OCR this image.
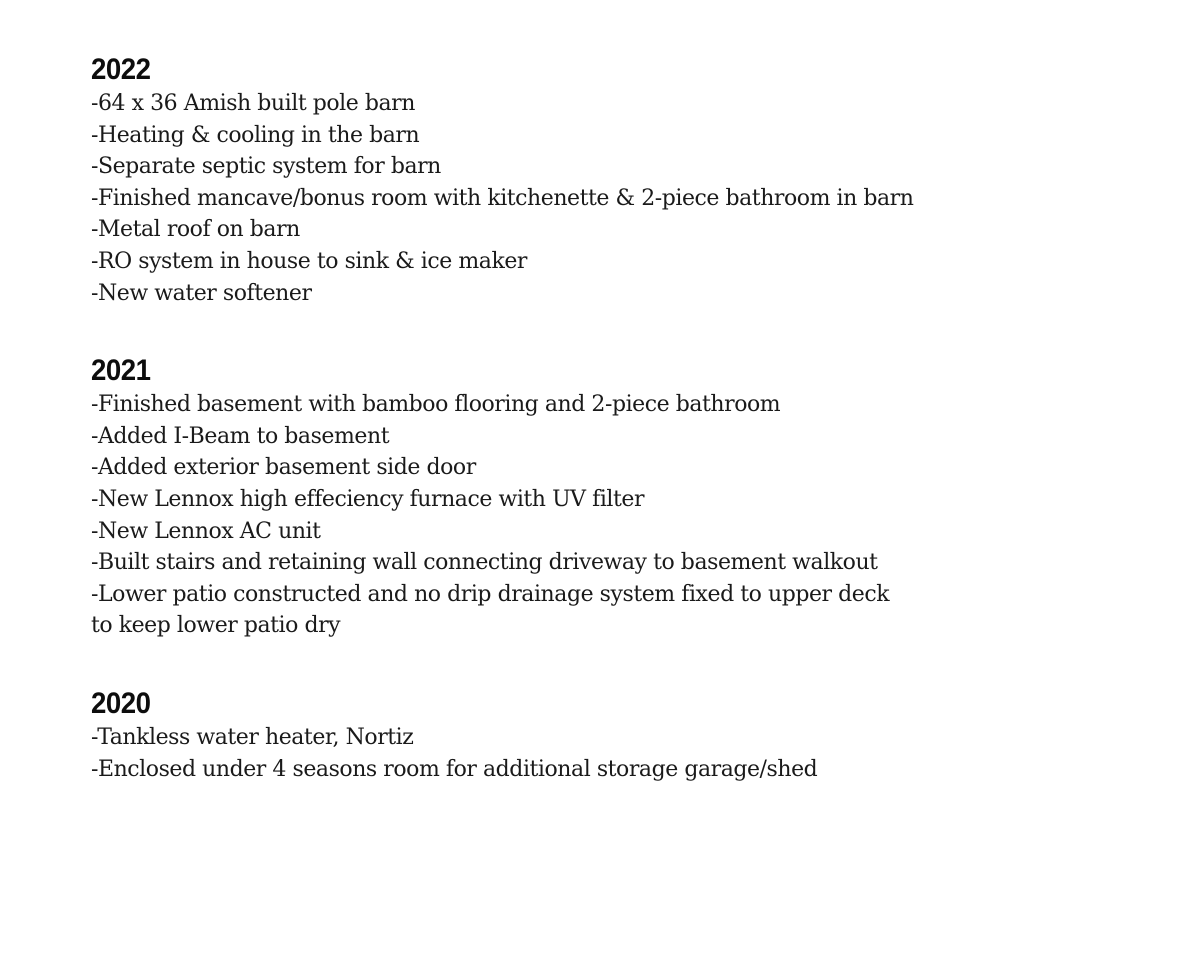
2022
-64 x 36 Amish built pole barn
-Heating & cooling in the barn
-Separate septic system for barn
-Finished mancave/bonus room with kitchenette & 2-piece bathroom in barn
-Metal roof on barn
-RO system in house to sink & ice maker
-New water softener
2021
-Finished basement with bamboo flooring and 2-piece bathroom
-Added I-Beam to basement
-Added exterior basement side door
-New Lennox high effeciency furnace with UV filter
-New Lennox AC unit
-Built stairs and retaining wall connecting driveway to basement walkout
-Lower patio constructed and no drip drainage system fixed to upper deck
to keep lower patio dry
2020
-Tankless water heater, Nortiz
-Enclosed under 4 seasons room for additional storage garage/shed
